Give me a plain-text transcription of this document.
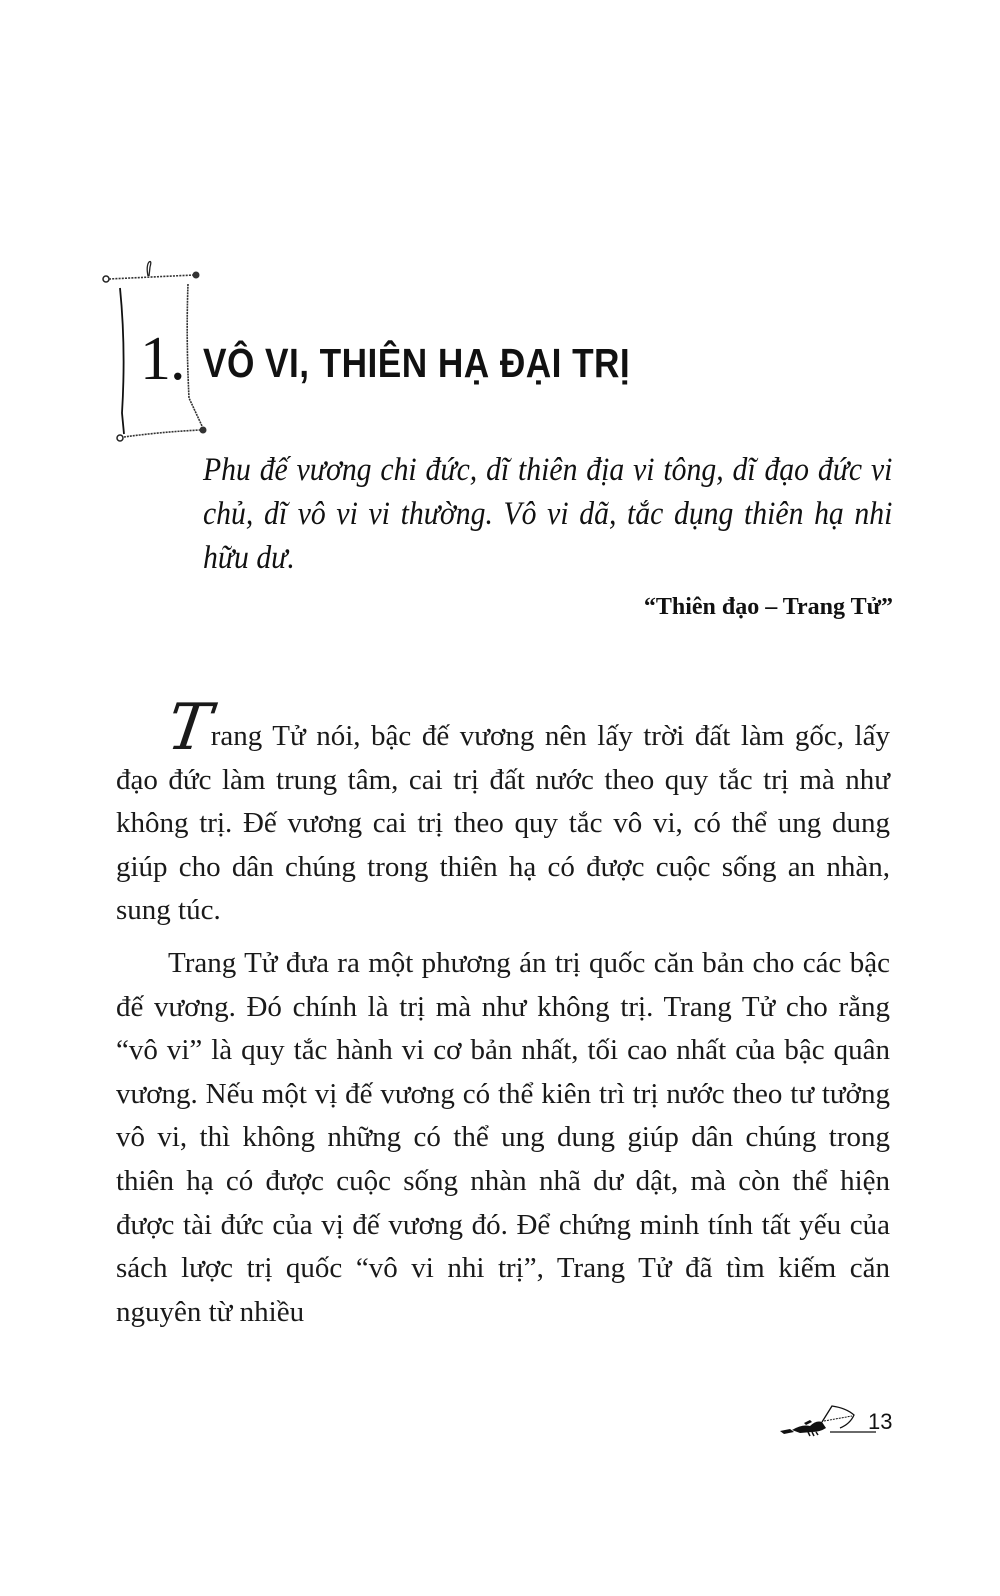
1. VÔ VI, THIÊN HẠ ĐẠI TRỊ

Phu đế vương chi đức, dĩ thiên địa vi tông, dĩ đạo đức vi chủ, dĩ vô vi vi thường. Vô vi dã, tắc dụng thiên hạ nhi hữu dư.

“Thiên đạo – Trang Tử”

Trang Tử nói, bậc đế vương nên lấy trời đất làm gốc, lấy đạo đức làm trung tâm, cai trị đất nước theo quy tắc trị mà như không trị. Đế vương cai trị theo quy tắc vô vi, có thể ung dung giúp cho dân chúng trong thiên hạ có được cuộc sống an nhàn, sung túc.

Trang Tử đưa ra một phương án trị quốc căn bản cho các bậc đế vương. Đó chính là trị mà như không trị. Trang Tử cho rằng “vô vi” là quy tắc hành vi cơ bản nhất, tối cao nhất của bậc quân vương. Nếu một vị đế vương có thể kiên trì trị nước theo tư tưởng vô vi, thì không những có thể ung dung giúp dân chúng trong thiên hạ có được cuộc sống nhàn nhã dư dật, mà còn thể hiện được tài đức của vị đế vương đó. Để chứng minh tính tất yếu của sách lược trị quốc “vô vi nhi trị”, Trang Tử đã tìm kiếm căn nguyên từ nhiều

13
